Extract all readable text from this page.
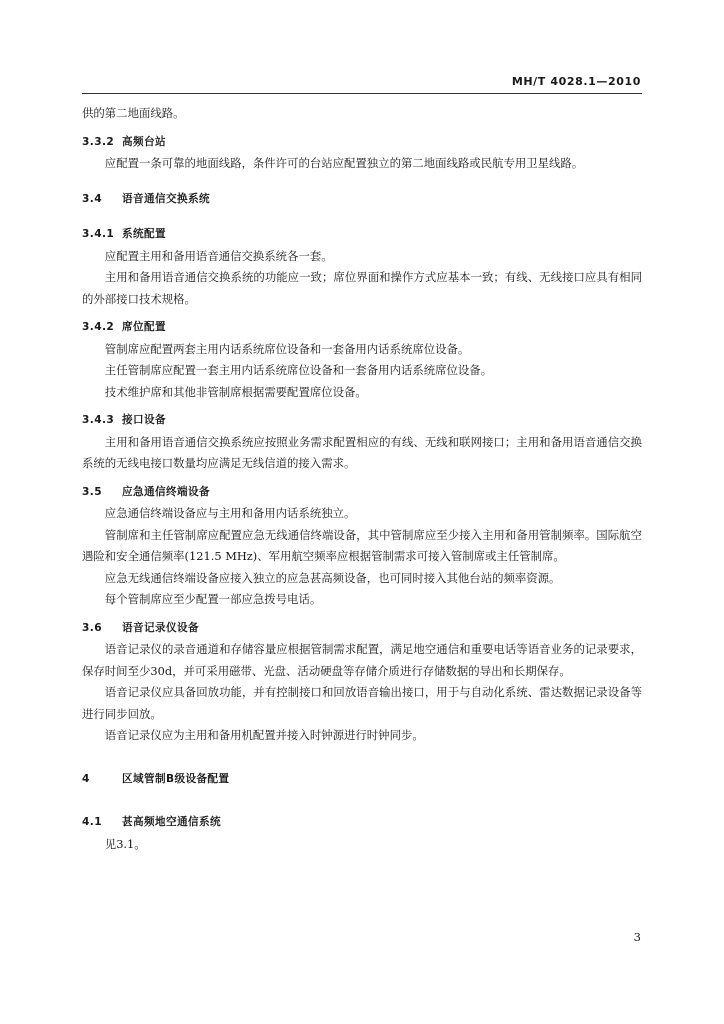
MH/T 4028.1—2010

供的第二地面线路。

3.3.2 高频台站

应配置一条可靠的地面线路，条件许可的台站应配置独立的第二地面线路或民航专用卫星线路。

3.4 语音通信交换系统
3.4.1 系统配置

应配置主用和备用语音通信交换系统各一套。

主用和备用语音通信交换系统的功能应一致；席位界面和操作方式应基本一致；有线、无线接口应具有相同的外部接口技术规格。

3.4.2 席位配置

管制席应配置两套主用内话系统席位设备和一套备用内话系统席位设备。

主任管制席应配置一套主用内话系统席位设备和一套备用内话系统席位设备。

技术维护席和其他非管制席根据需要配置席位设备。

3.4.3 接口设备

主用和备用语音通信交换系统应按照业务需求配置相应的有线、无线和联网接口；主用和备用语音通信交换系统的无线电接口数量均应满足无线信道的接入需求。

3.5 应急通信终端设备

应急通信终端设备应与主用和备用内话系统独立。

管制席和主任管制席应配置应急无线通信终端设备，其中管制席应至少接入主用和备用管制频率。国际航空遇险和安全通信频率(121.5 MHz)、军用航空频率应根据管制需求可接入管制席或主任管制席。

应急无线通信终端设备应接入独立的应急甚高频设备，也可同时接入其他台站的频率资源。

每个管制席应至少配置一部应急拨号电话。

3.6 语音记录仪设备

语音记录仪的录音通道和存储容量应根据管制需求配置，满足地空通信和重要电话等语音业务的记录要求，保存时间至少30d，并可采用磁带、光盘、活动硬盘等存储介质进行存储数据的导出和长期保存。

语音记录仪应具备回放功能，并有控制接口和回放语音输出接口，用于与自动化系统、雷达数据记录设备等进行同步回放。

语音记录仪应为主用和备用机配置并接入时钟源进行时钟同步。

4	区域管制B级设备配置
4.1 甚高频地空通信系统

见3.1。

3
